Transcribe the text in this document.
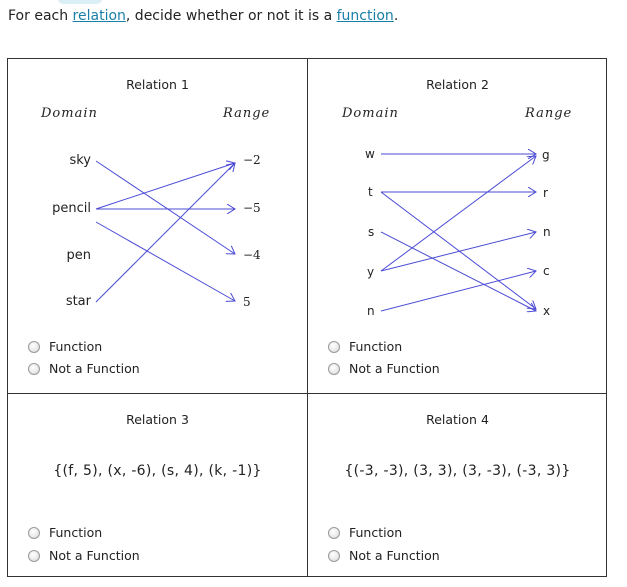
For each relation, decide whether or not it is a function.
Relation 1
Domain	Range
sky
pencil
pen
star
−2
−5
−4
5
Function
Not a Function
Relation 2
Domain	Range
w
t
s
y
n
g
r
n
c
x
Function
Not a Function
Relation 3
{(f, 5), (x, -6), (s, 4), (k, -1)}
Function
Not a Function
Relation 4
{(-3, -3), (3, 3), (3, -3), (-3, 3)}
Function
Not a Function
